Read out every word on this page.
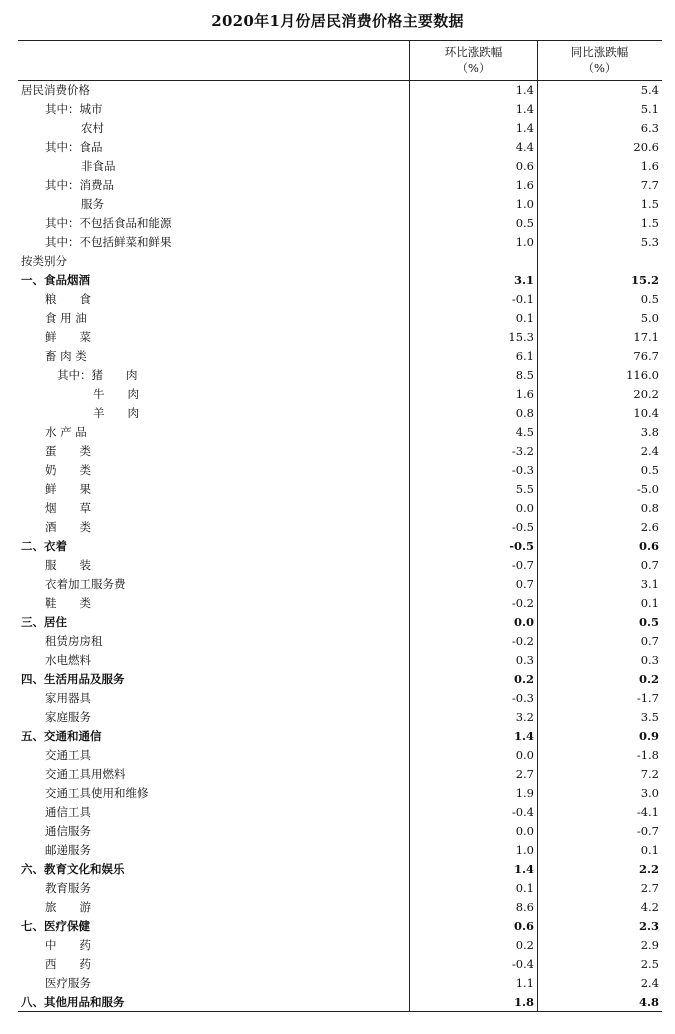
2020年1月份居民消费价格主要数据
环比涨跌幅
（%）
同比涨跌幅
（%）
居民消费价格	1.4	5.4
其中：城市	1.4	5.1
农村	1.4	6.3
其中：食品	4.4	20.6
非食品	0.6	1.6
其中：消费品	1.6	7.7
服务	1.0	1.5
其中：不包括食品和能源	0.5	1.5
其中：不包括鲜菜和鲜果	1.0	5.3
按类别分
一、食品烟酒	3.1	15.2
粮　　食	-0.1	0.5
食 用 油	0.1	5.0
鲜　　菜	15.3	17.1
畜 肉 类	6.1	76.7
其中：猪　　肉	8.5	116.0
牛　　肉	1.6	20.2
羊　　肉	0.8	10.4
水 产 品	4.5	3.8
蛋　　类	-3.2	2.4
奶　　类	-0.3	0.5
鲜　　果	5.5	-5.0
烟　　草	0.0	0.8
酒　　类	-0.5	2.6
二、衣着	-0.5	0.6
服　　装	-0.7	0.7
衣着加工服务费	0.7	3.1
鞋　　类	-0.2	0.1
三、居住	0.0	0.5
租赁房房租	-0.2	0.7
水电燃料	0.3	0.3
四、生活用品及服务	0.2	0.2
家用器具	-0.3	-1.7
家庭服务	3.2	3.5
五、交通和通信	1.4	0.9
交通工具	0.0	-1.8
交通工具用燃料	2.7	7.2
交通工具使用和维修	1.9	3.0
通信工具	-0.4	-4.1
通信服务	0.0	-0.7
邮递服务	1.0	0.1
六、教育文化和娱乐	1.4	2.2
教育服务	0.1	2.7
旅　　游	8.6	4.2
七、医疗保健	0.6	2.3
中　　药	0.2	2.9
西　　药	-0.4	2.5
医疗服务	1.1	2.4
八、其他用品和服务	1.8	4.8
